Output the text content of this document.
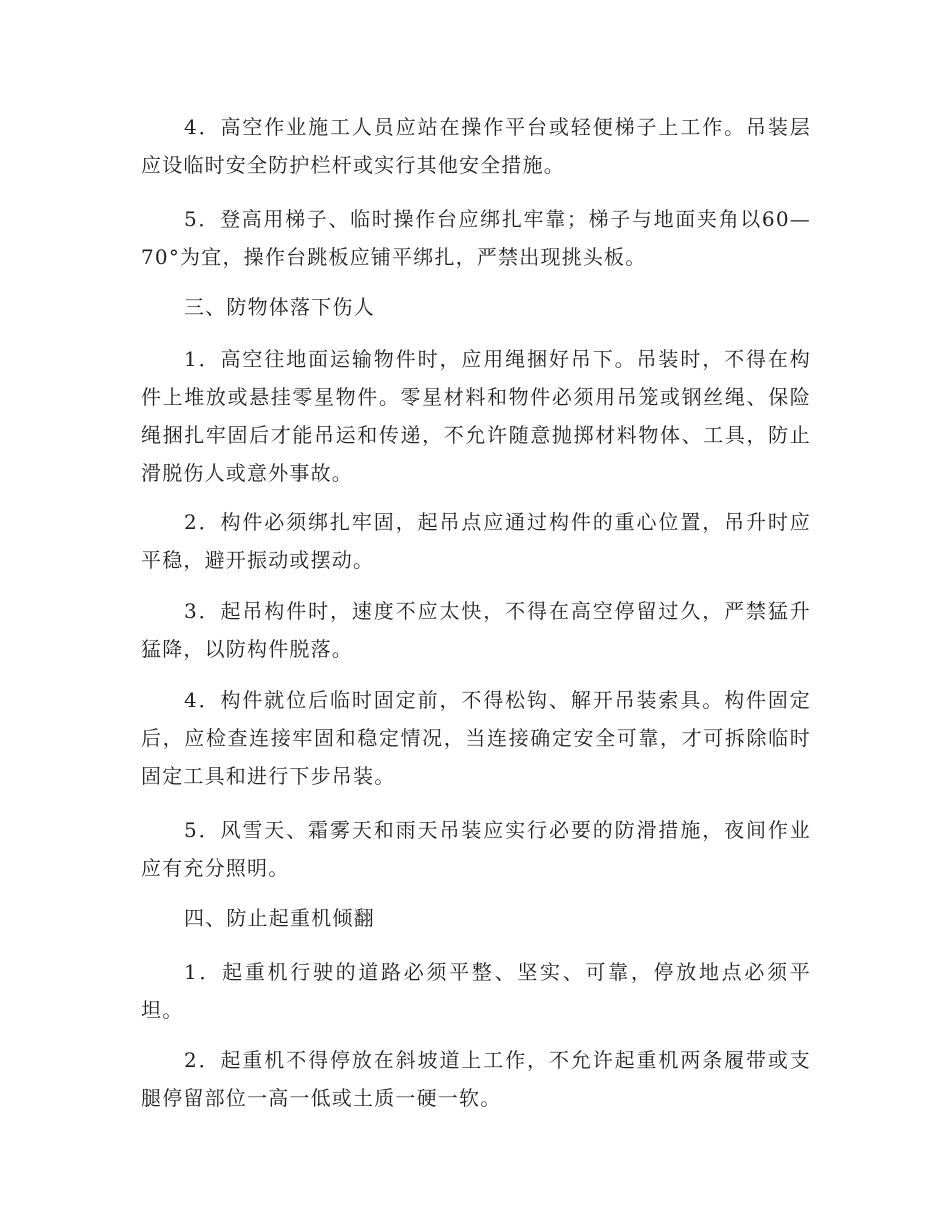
4．高空作业施工人员应站在操作平台或轻便梯子上工作。吊装层应设临时安全防护栏杆或实行其他安全措施。

5．登高用梯子、临时操作台应绑扎牢靠；梯子与地面夹角以60—70°为宜，操作台跳板应铺平绑扎，严禁出现挑头板。

三、防物体落下伤人

1．高空往地面运输物件时，应用绳捆好吊下。吊装时，不得在构件上堆放或悬挂零星物件。零星材料和物件必须用吊笼或钢丝绳、保险绳捆扎牢固后才能吊运和传递，不允许随意抛掷材料物体、工具，防止滑脱伤人或意外事故。

2．构件必须绑扎牢固，起吊点应通过构件的重心位置，吊升时应平稳，避开振动或摆动。

3．起吊构件时，速度不应太快，不得在高空停留过久，严禁猛升猛降，以防构件脱落。

4．构件就位后临时固定前，不得松钩、解开吊装索具。构件固定后，应检查连接牢固和稳定情况，当连接确定安全可靠，才可拆除临时固定工具和进行下步吊装。

5．风雪天、霜雾天和雨天吊装应实行必要的防滑措施，夜间作业应有充分照明。

四、防止起重机倾翻

1．起重机行驶的道路必须平整、坚实、可靠，停放地点必须平坦。

2．起重机不得停放在斜坡道上工作，不允许起重机两条履带或支腿停留部位一高一低或土质一硬一软。
